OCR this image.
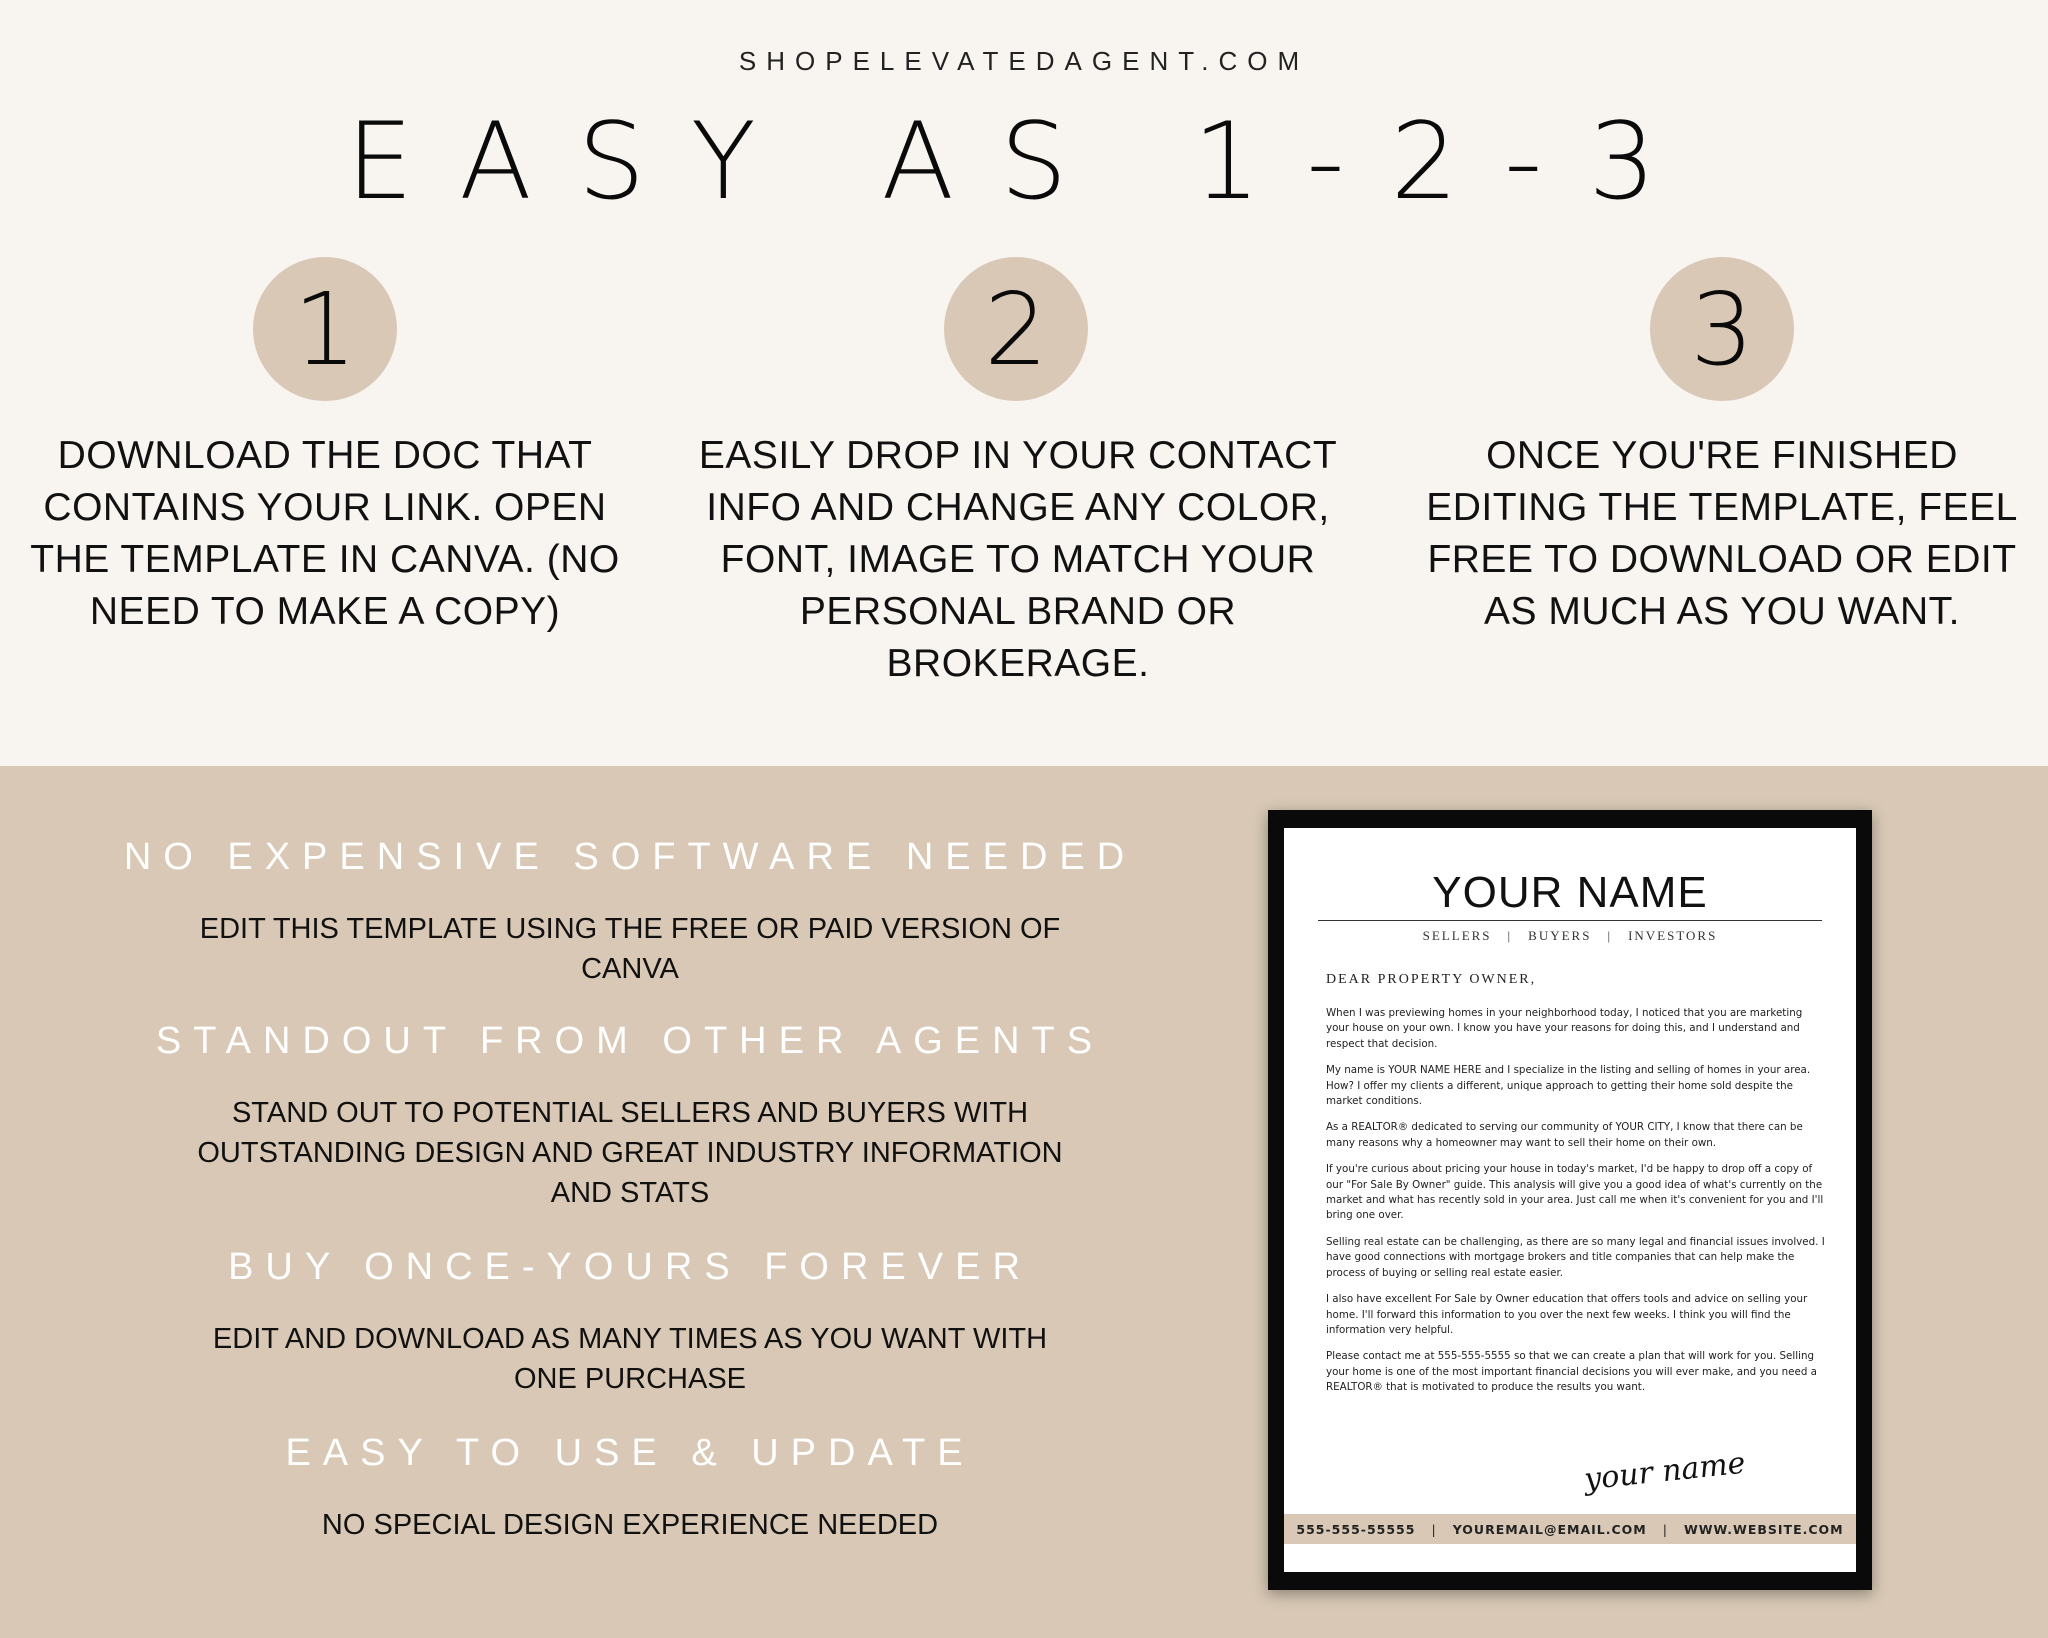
SHOPELEVATEDAGENT.COM
EASY AS 1-2-3
1
DOWNLOAD THE DOC THAT CONTAINS YOUR LINK. OPEN THE TEMPLATE IN CANVA. (NO NEED TO MAKE A COPY)
2
EASILY DROP IN YOUR CONTACT INFO AND CHANGE ANY COLOR, FONT, IMAGE TO MATCH YOUR PERSONAL BRAND OR BROKERAGE.
3
ONCE YOU'RE FINISHED EDITING THE TEMPLATE, FEEL FREE TO DOWNLOAD OR EDIT AS MUCH AS YOU WANT.
NO EXPENSIVE SOFTWARE NEEDED
EDIT THIS TEMPLATE USING THE FREE OR PAID VERSION OF CANVA
STANDOUT FROM OTHER AGENTS
STAND OUT TO POTENTIAL SELLERS AND BUYERS WITH OUTSTANDING DESIGN AND GREAT INDUSTRY INFORMATION AND STATS
BUY ONCE-YOURS FOREVER
EDIT AND DOWNLOAD AS MANY TIMES AS YOU WANT WITH ONE PURCHASE
EASY TO USE & UPDATE
NO SPECIAL DESIGN EXPERIENCE NEEDED
YOUR NAME
SELLERS | BUYERS | INVESTORS
DEAR PROPERTY OWNER,

When I was previewing homes in your neighborhood today, I noticed that you are marketing your house on your own. I know you have your reasons for doing this, and I understand and respect that decision.

My name is YOUR NAME HERE and I specialize in the listing and selling of homes in your area. How? I offer my clients a different, unique approach to getting their home sold despite the market conditions.

As a REALTOR® dedicated to serving our community of YOUR CITY, I know that there can be many reasons why a homeowner may want to sell their home on their own.

If you're curious about pricing your house in today's market, I'd be happy to drop off a copy of our "For Sale By Owner" guide. This analysis will give you a good idea of what's currently on the market and what has recently sold in your area. Just call me when it's convenient for you and I'll bring one over.

Selling real estate can be challenging, as there are so many legal and financial issues involved. I have good connections with mortgage brokers and title companies that can help make the process of buying or selling real estate easier.

I also have excellent For Sale by Owner education that offers tools and advice on selling your home. I'll forward this information to you over the next few weeks. I think you will find the information very helpful.

Please contact me at 555-555-5555 so that we can create a plan that will work for you. Selling your home is one of the most important financial decisions you will ever make, and you need a REALTOR® that is motivated to produce the results you want.

your name
555-555-55555 | YOUREMAIL@EMAIL.COM | WWW.WEBSITE.COM
